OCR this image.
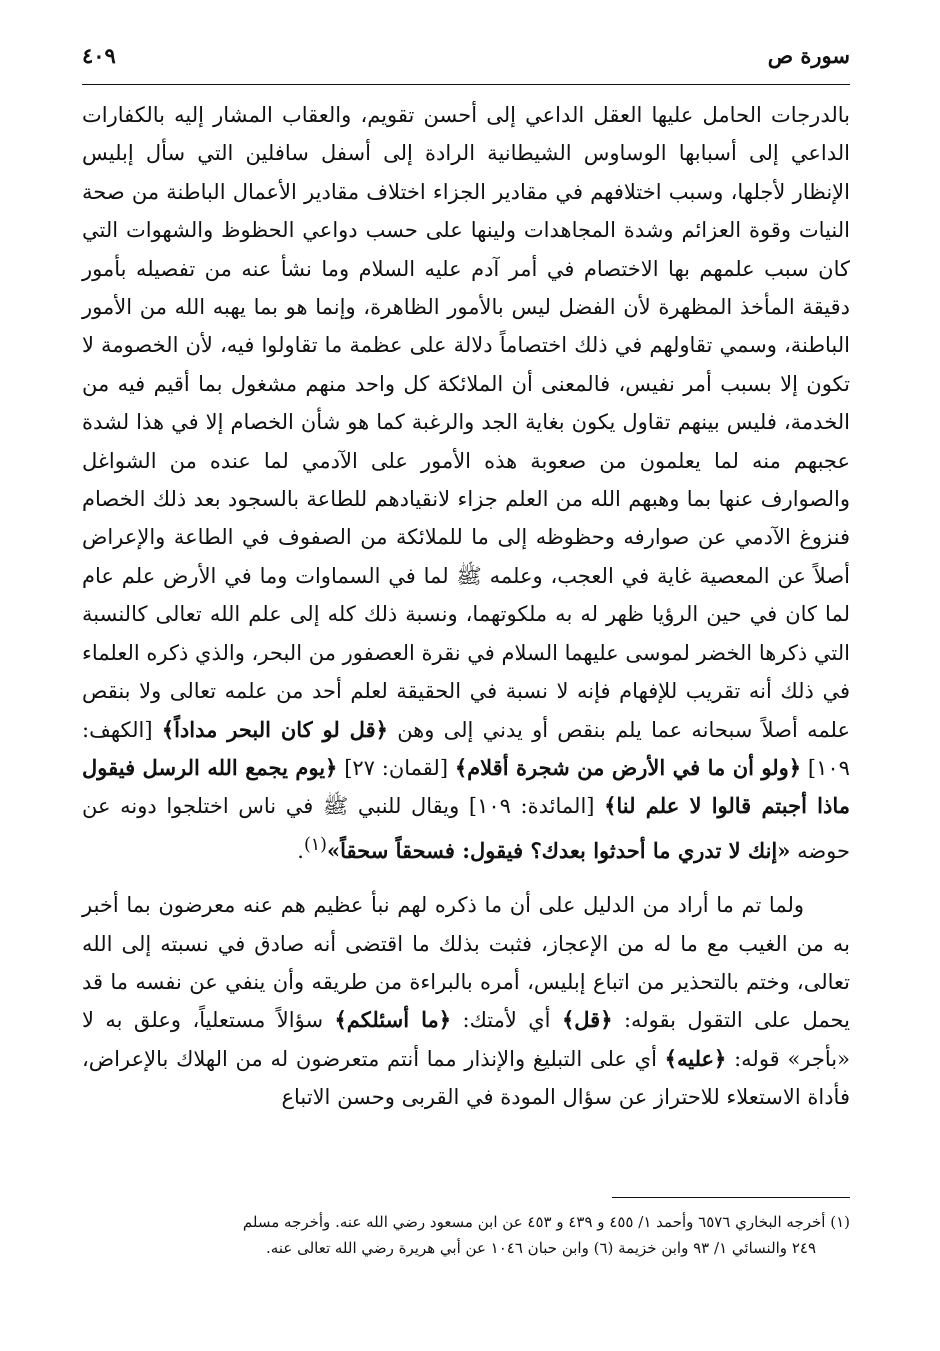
سورة ص
٤٠٩

بالدرجات الحامل عليها العقل الداعي إلى أحسن تقويم، والعقاب المشار إليه بالكفارات الداعي إلى أسبابها الوساوس الشيطانية الرادة إلى أسفل سافلين التي سأل إبليس الإنظار لأجلها، وسبب اختلافهم في مقادير الجزاء اختلاف مقادير الأعمال الباطنة من صحة النيات وقوة العزائم وشدة المجاهدات ولينها على حسب دواعي الحظوظ والشهوات التي كان سبب علمهم بها الاختصام في أمر آدم عليه السلام وما نشأ عنه من تفصيله بأمور دقيقة المأخذ المظهرة لأن الفضل ليس بالأمور الظاهرة، وإنما هو بما يهبه الله من الأمور الباطنة، وسمي تقاولهم في ذلك اختصاماً دلالة على عظمة ما تقاولوا فيه، لأن الخصومة لا تكون إلا بسبب أمر نفيس، فالمعنى أن الملائكة كل واحد منهم مشغول بما أقيم فيه من الخدمة، فليس بينهم تقاول يكون بغاية الجد والرغبة كما هو شأن الخصام إلا في هذا لشدة عجبهم منه لما يعلمون من صعوبة هذه الأمور على الآدمي لما عنده من الشواغل والصوارف عنها بما وهبهم الله من العلم جزاء لانقيادهم للطاعة بالسجود بعد ذلك الخصام فنزوغ الآدمي عن صوارفه وحظوظه إلى ما للملائكة من الصفوف في الطاعة والإعراض أصلاً عن المعصية غاية في العجب، وعلمه ﷺ لما في السماوات وما في الأرض علم عام لما كان في حين الرؤيا ظهر له به ملكوتهما، ونسبة ذلك كله إلى علم الله تعالى كالنسبة التي ذكرها الخضر لموسى عليهما السلام في نقرة العصفور من البحر، والذي ذكره العلماء في ذلك أنه تقريب للإفهام فإنه لا نسبة في الحقيقة لعلم أحد من علمه تعالى ولا بنقص علمه أصلاً سبحانه عما يلم بنقص أو يدني إلى وهن ﴿قل لو كان البحر مداداً﴾ [الكهف: ١٠٩] ﴿ولو أن ما في الأرض من شجرة أقلام﴾ [لقمان: ٢٧] ﴿يوم يجمع الله الرسل فيقول ماذا أجبتم قالوا لا علم لنا﴾ [المائدة: ١٠٩] ويقال للنبي ﷺ في ناس اختلجوا دونه عن حوضه «إنك لا تدري ما أحدثوا بعدك؟ فيقول: فسحقاً سحقاً»$^{(١)}$.

ولما تم ما أراد من الدليل على أن ما ذكره لهم نبأ عظيم هم عنه معرضون بما أخبر به من الغيب مع ما له من الإعجاز، فثبت بذلك ما اقتضى أنه صادق في نسبته إلى الله تعالى، وختم بالتحذير من اتباع إبليس، أمره بالبراءة من طريقه وأن ينفي عن نفسه ما قد يحمل على التقول بقوله: ﴿قل﴾ أي لأمتك: ﴿ما أسئلكم﴾ سؤالاً مستعلياً، وعلق به لا «بأجر» قوله: ﴿عليه﴾ أي على التبليغ والإنذار مما أنتم متعرضون له من الهلاك بالإعراض، فأداة الاستعلاء للاحتراز عن سؤال المودة في القربى وحسن الاتباع

(١) أخرجه البخاري ٦٥٧٦ وأحمد ١/ ٤٥٥ و ٤٣٩ و ٤٥٣ عن ابن مسعود رضي الله عنه. وأخرجه مسلم

٢٤٩ والنسائي ١/ ٩٣ وابن خزيمة (٦) وابن حبان ١٠٤٦ عن أبي هريرة رضي الله تعالى عنه.
